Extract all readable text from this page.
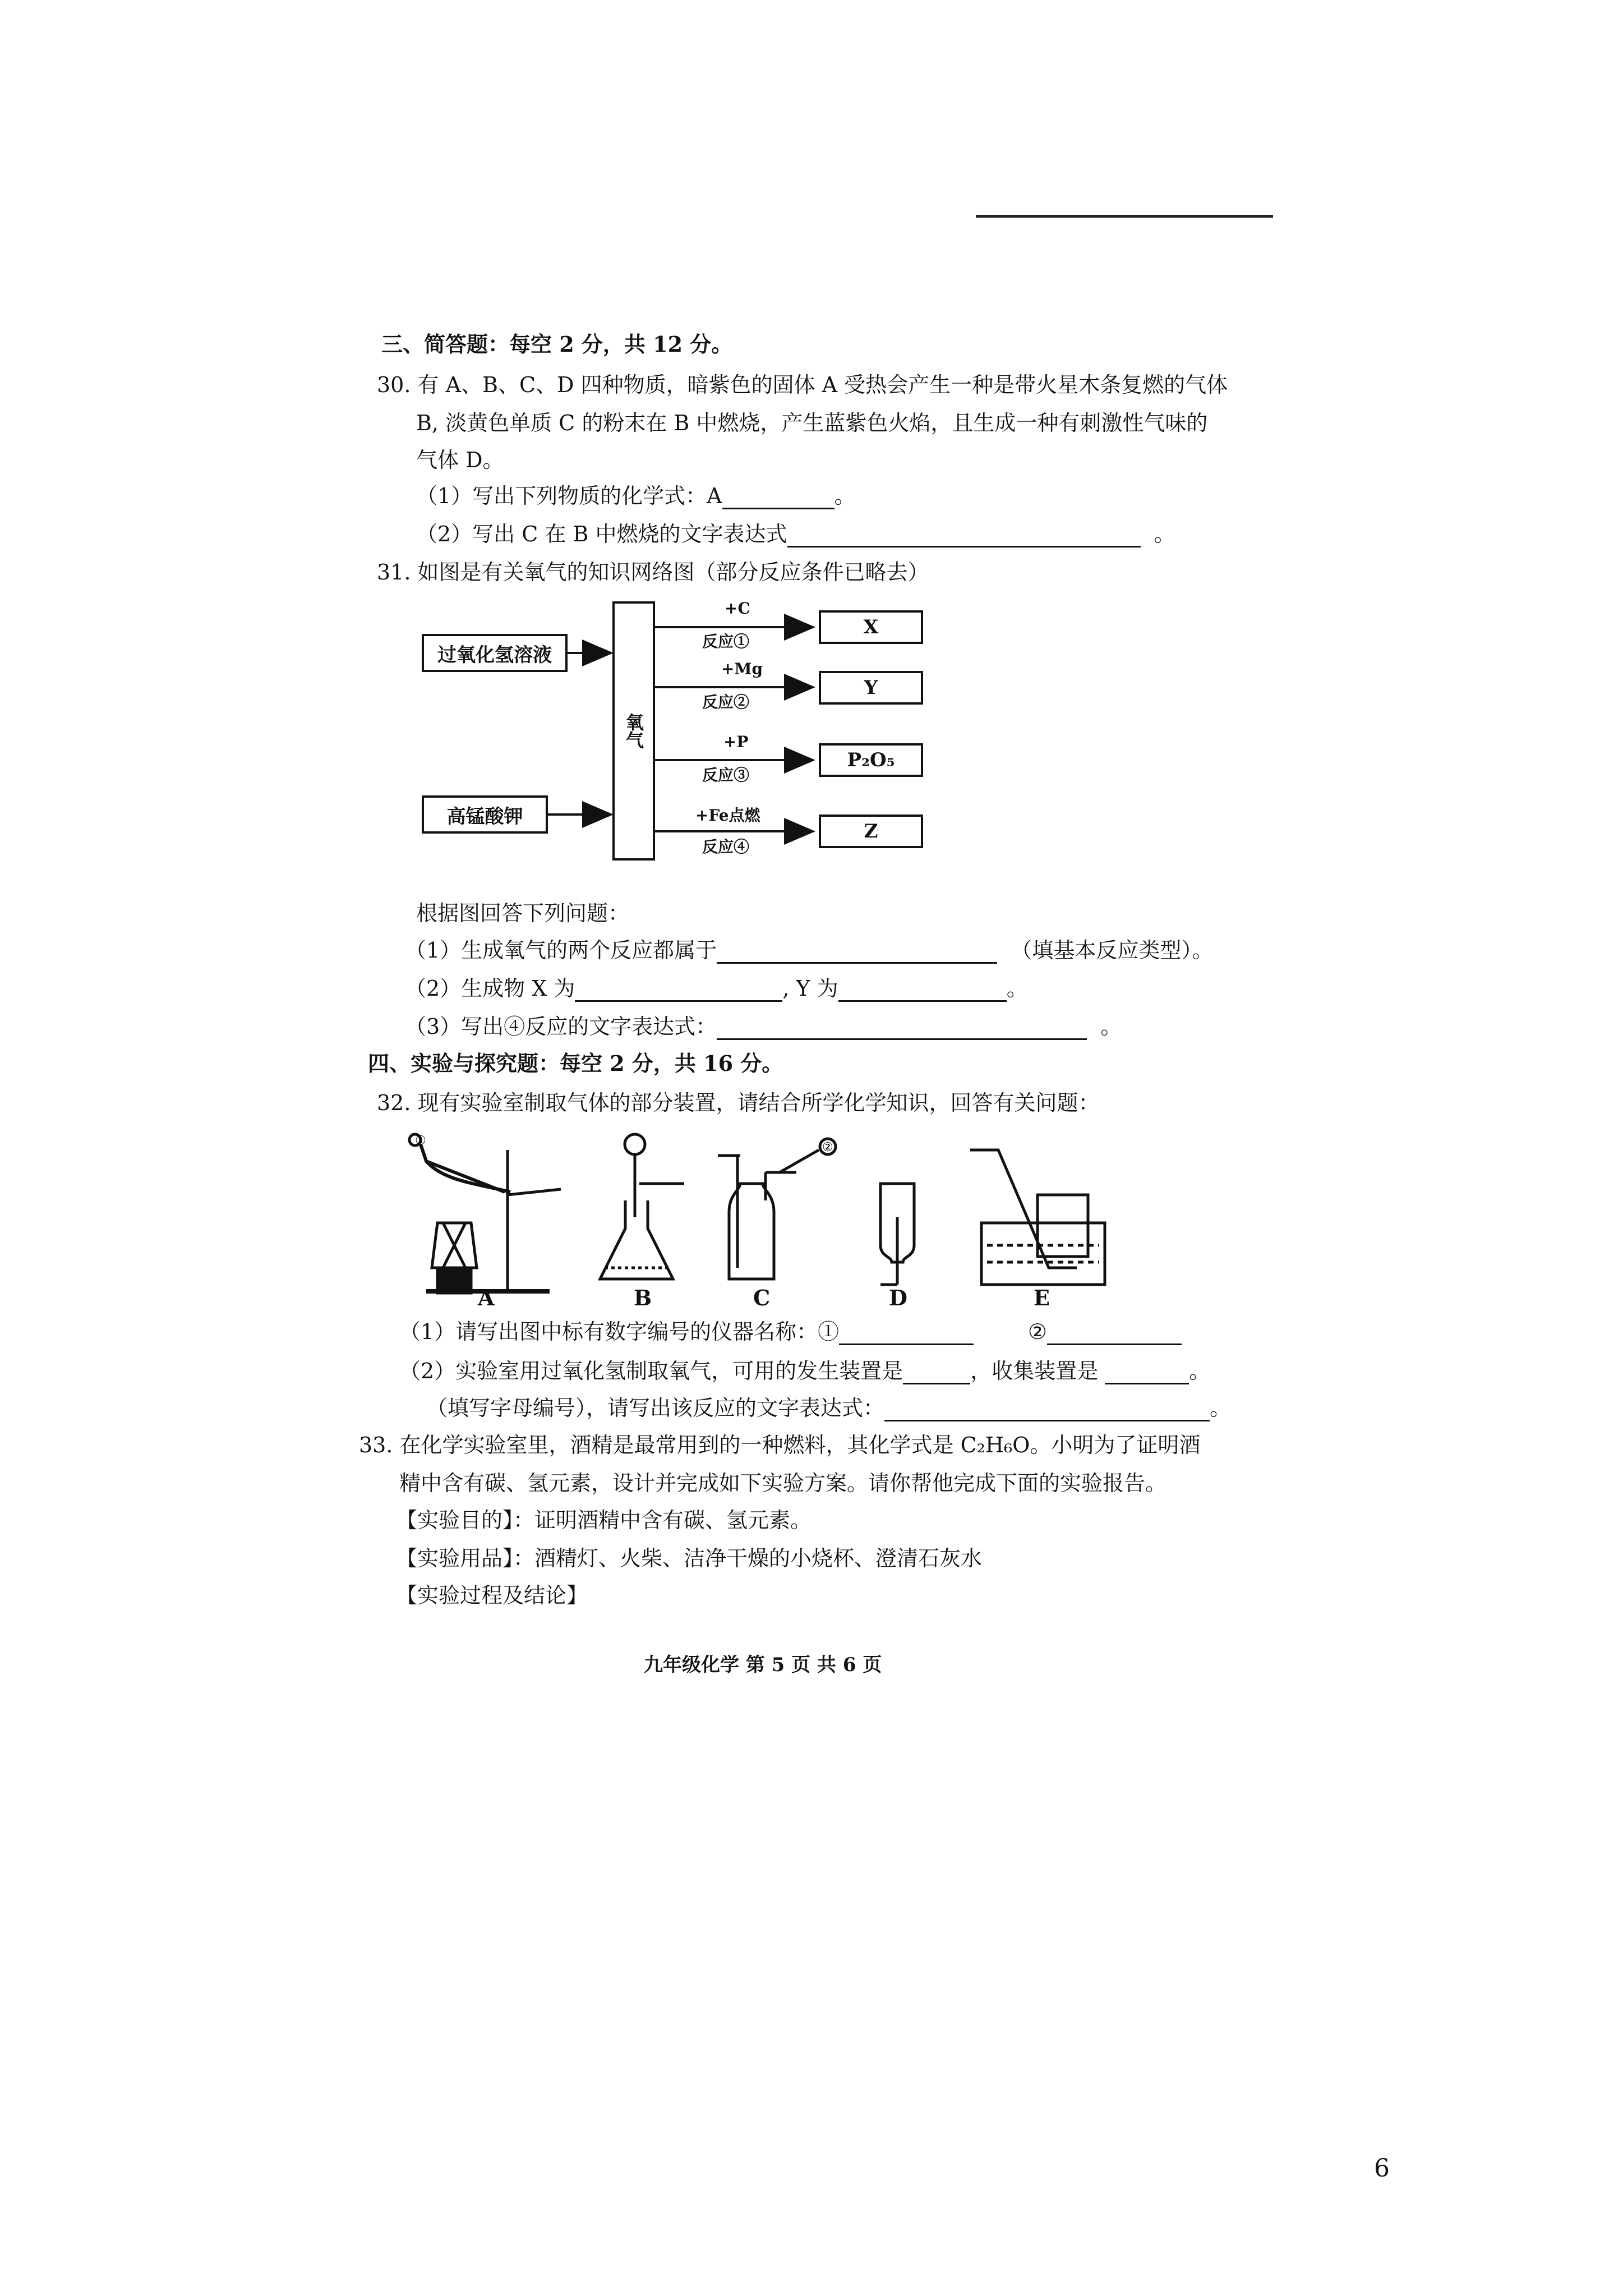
三、简答题：每空 2 分，共 12 分。
30. 有 A、B、C、D 四种物质，暗紫色的固体 A 受热会产生一种是带火星木条复燃的气体
B, 淡黄色单质 C 的粉末在 B 中燃烧，产生蓝紫色火焰，且生成一种有刺激性气味的
气体 D。
（1）写出下列物质的化学式：A	。
（2）写出 C 在 B 中燃烧的文字表达式	。
31. 如图是有关氧气的知识网络图（部分反应条件已略去）
过氧化氢溶液
高锰酸钾
氧气
+C
反应①
+Mg
反应②
+P
反应③
+Fe点燃
反应④
X
Y
P₂O₅
Z
根据图回答下列问题：
（1）生成氧气的两个反应都属于	（填基本反应类型）。
（2）生成物 X 为	, Y 为	。
（3）写出④反应的文字表达式：	。
四、实验与探究题：每空 2 分，共 16 分。
32. 现有实验室制取气体的部分装置，请结合所学化学知识，回答有关问题：
①	②
A	B	C	D	E
（1）请写出图中标有数字编号的仪器名称：①	②
（2）实验室用过氧化氢制取氧气，可用的发生装置是	，收集装置是	。
（填写字母编号），请写出该反应的文字表达式：	。
33. 在化学实验室里，酒精是最常用到的一种燃料，其化学式是 C₂H₆O。小明为了证明酒
精中含有碳、氢元素，设计并完成如下实验方案。请你帮他完成下面的实验报告。
【实验目的】：证明酒精中含有碳、氢元素。
【实验用品】：酒精灯、火柴、洁净干燥的小烧杯、澄清石灰水
【实验过程及结论】
九年级化学 第 5 页 共 6 页
6
